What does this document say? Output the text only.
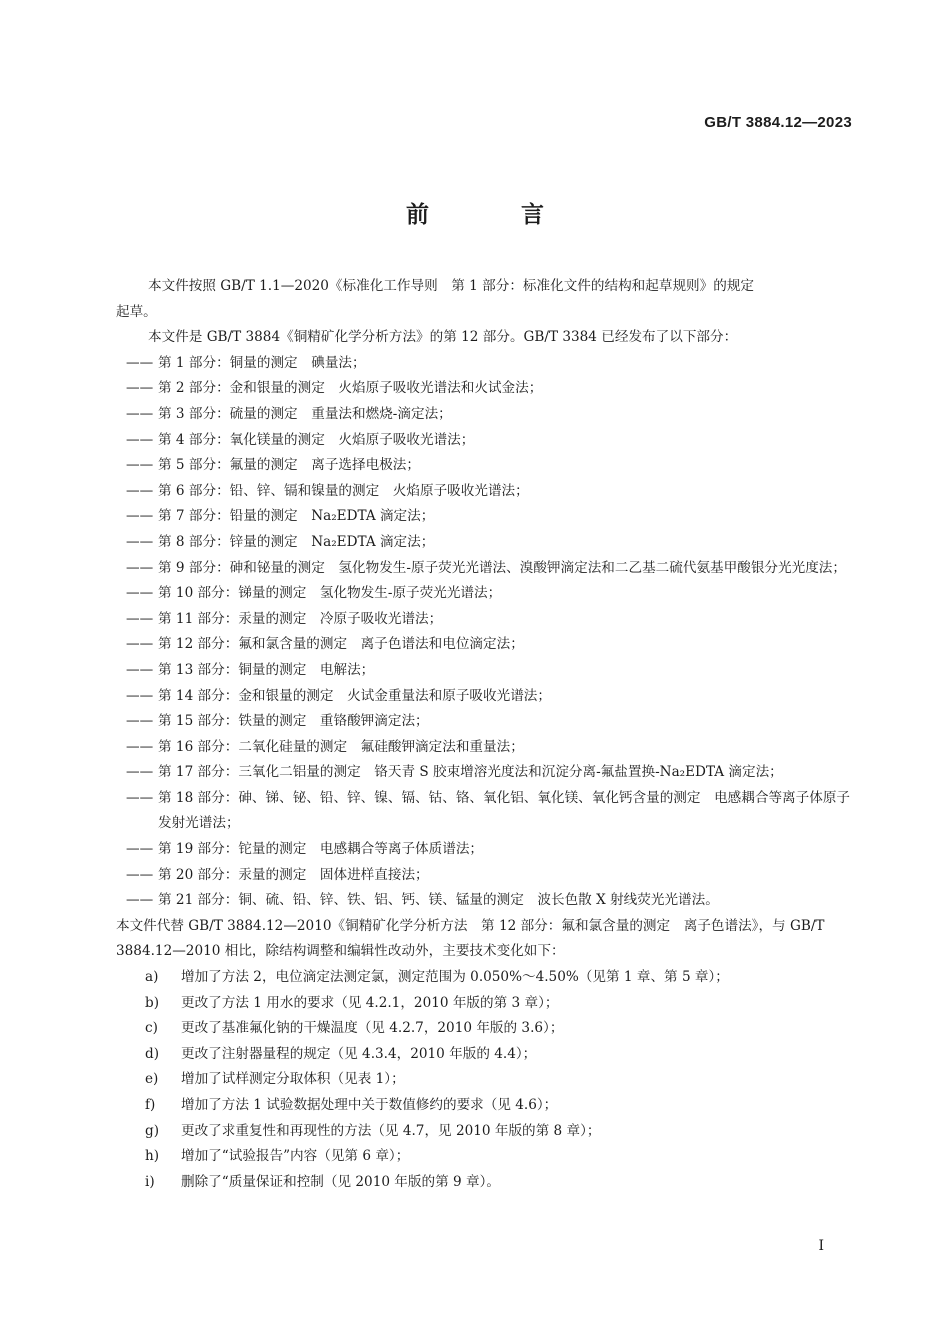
GB/T 3884.12—2023
前 言

本文件按照 GB/T 1.1—2020《标准化工作导则　第 1 部分：标准化文件的结构和起草规则》的规定
起草。

本文件是 GB/T 3884《铜精矿化学分析方法》的第 12 部分。GB/T 3384 已经发布了以下部分：

—— 第 1 部分：铜量的测定　碘量法；
—— 第 2 部分：金和银量的测定　火焰原子吸收光谱法和火试金法；
—— 第 3 部分：硫量的测定　重量法和燃烧-滴定法；
—— 第 4 部分：氧化镁量的测定　火焰原子吸收光谱法；
—— 第 5 部分：氟量的测定　离子选择电极法；
—— 第 6 部分：铅、锌、镉和镍量的测定　火焰原子吸收光谱法；
—— 第 7 部分：铅量的测定　Na₂EDTA 滴定法；
—— 第 8 部分：锌量的测定　Na₂EDTA 滴定法；
—— 第 9 部分：砷和铋量的测定　氢化物发生-原子荧光光谱法、溴酸钾滴定法和二乙基二硫代氨基甲酸银分光光度法；
—— 第 10 部分：锑量的测定　氢化物发生-原子荧光光谱法；
—— 第 11 部分：汞量的测定　冷原子吸收光谱法；
—— 第 12 部分：氟和氯含量的测定　离子色谱法和电位滴定法；
—— 第 13 部分：铜量的测定　电解法；
—— 第 14 部分：金和银量的测定　火试金重量法和原子吸收光谱法；
—— 第 15 部分：铁量的测定　重铬酸钾滴定法；
—— 第 16 部分：二氧化硅量的测定　氟硅酸钾滴定法和重量法；
—— 第 17 部分：三氧化二铝量的测定　铬天青 S 胶束增溶光度法和沉淀分离-氟盐置换-Na₂EDTA 滴定法；
—— 第 18 部分：砷、锑、铋、铅、锌、镍、镉、钴、铬、氧化铝、氧化镁、氧化钙含量的测定　电感耦合等离子体原子发射光谱法；
—— 第 19 部分：铊量的测定　电感耦合等离子体质谱法；
—— 第 20 部分：汞量的测定　固体进样直接法；
—— 第 21 部分：铜、硫、铅、锌、铁、铝、钙、镁、锰量的测定　波长色散 X 射线荧光光谱法。

本文件代替 GB/T 3884.12—2010《铜精矿化学分析方法　第 12 部分：氟和氯含量的测定　离子色谱法》，与 GB/T 3884.12—2010 相比，除结构调整和编辑性改动外，主要技术变化如下：

a) 增加了方法 2，电位滴定法测定氯，测定范围为 0.050%～4.50%（见第 1 章、第 5 章）；
b) 更改了方法 1 用水的要求（见 4.2.1，2010 年版的第 3 章）；
c) 更改了基准氟化钠的干燥温度（见 4.2.7，2010 年版的 3.6）；
d) 更改了注射器量程的规定（见 4.3.4，2010 年版的 4.4）；
e) 增加了试样测定分取体积（见表 1）；
f) 增加了方法 1 试验数据处理中关于数值修约的要求（见 4.6）；
g) 更改了求重复性和再现性的方法（见 4.7，见 2010 年版的第 8 章）；
h) 增加了“试验报告”内容（见第 6 章）；
i) 删除了“质量保证和控制（见 2010 年版的第 9 章）。
I
